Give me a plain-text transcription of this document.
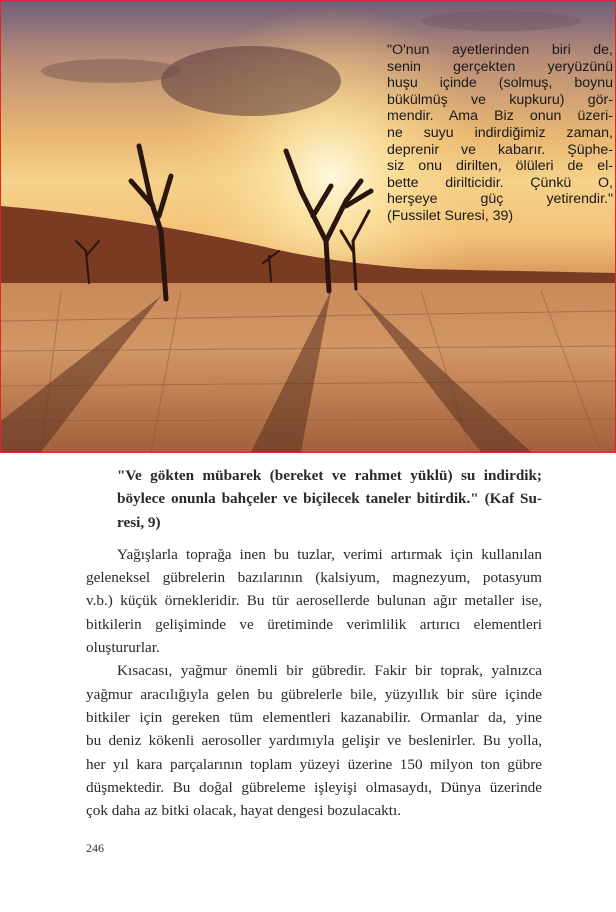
"O'nun ayetlerinden biri de,
senin gerçekten yeryüzünü
huşu içinde (solmuş, boynu
bükülmüş ve kupkuru) gör-
mendir. Ama Biz onun üzeri-
ne suyu indirdiğimiz zaman,
deprenir ve kabarır. Şüphe-
siz onu dirilten, ölüleri de el-
bette dirilticidir. Çünkü O,
herşeye güç yetirendir."
(Fussilet Suresi, 39)
"Ve gökten mübarek (bereket ve rahmet yüklü) su indirdik;
böylece onunla bahçeler ve biçilecek taneler bitirdik." (Kaf Su-
resi, 9)
Yağışlarla toprağa inen bu tuzlar, verimi artırmak için kullanılan
geleneksel gübrelerin bazılarının (kalsiyum, magnezyum, potasyum
v.b.) küçük örnekleridir. Bu tür aerosellerde bulunan ağır metaller ise,
bitkilerin gelişiminde ve üretiminde verimlilik artırıcı elementleri
oluştururlar.
Kısacası, yağmur önemli bir gübredir. Fakir bir toprak, yalnızca
yağmur aracılığıyla gelen bu gübrelerle bile, yüzyıllık bir süre içinde
bitkiler için gereken tüm elementleri kazanabilir. Ormanlar da, yine
bu deniz kökenli aerosoller yardımıyla gelişir ve beslenirler. Bu yolla,
her yıl kara parçalarının toplam yüzeyi üzerine 150 milyon ton gübre
düşmektedir. Bu doğal gübreleme işleyişi olmasaydı, Dünya üzerinde
çok daha az bitki olacak, hayat dengesi bozulacaktı.
246
